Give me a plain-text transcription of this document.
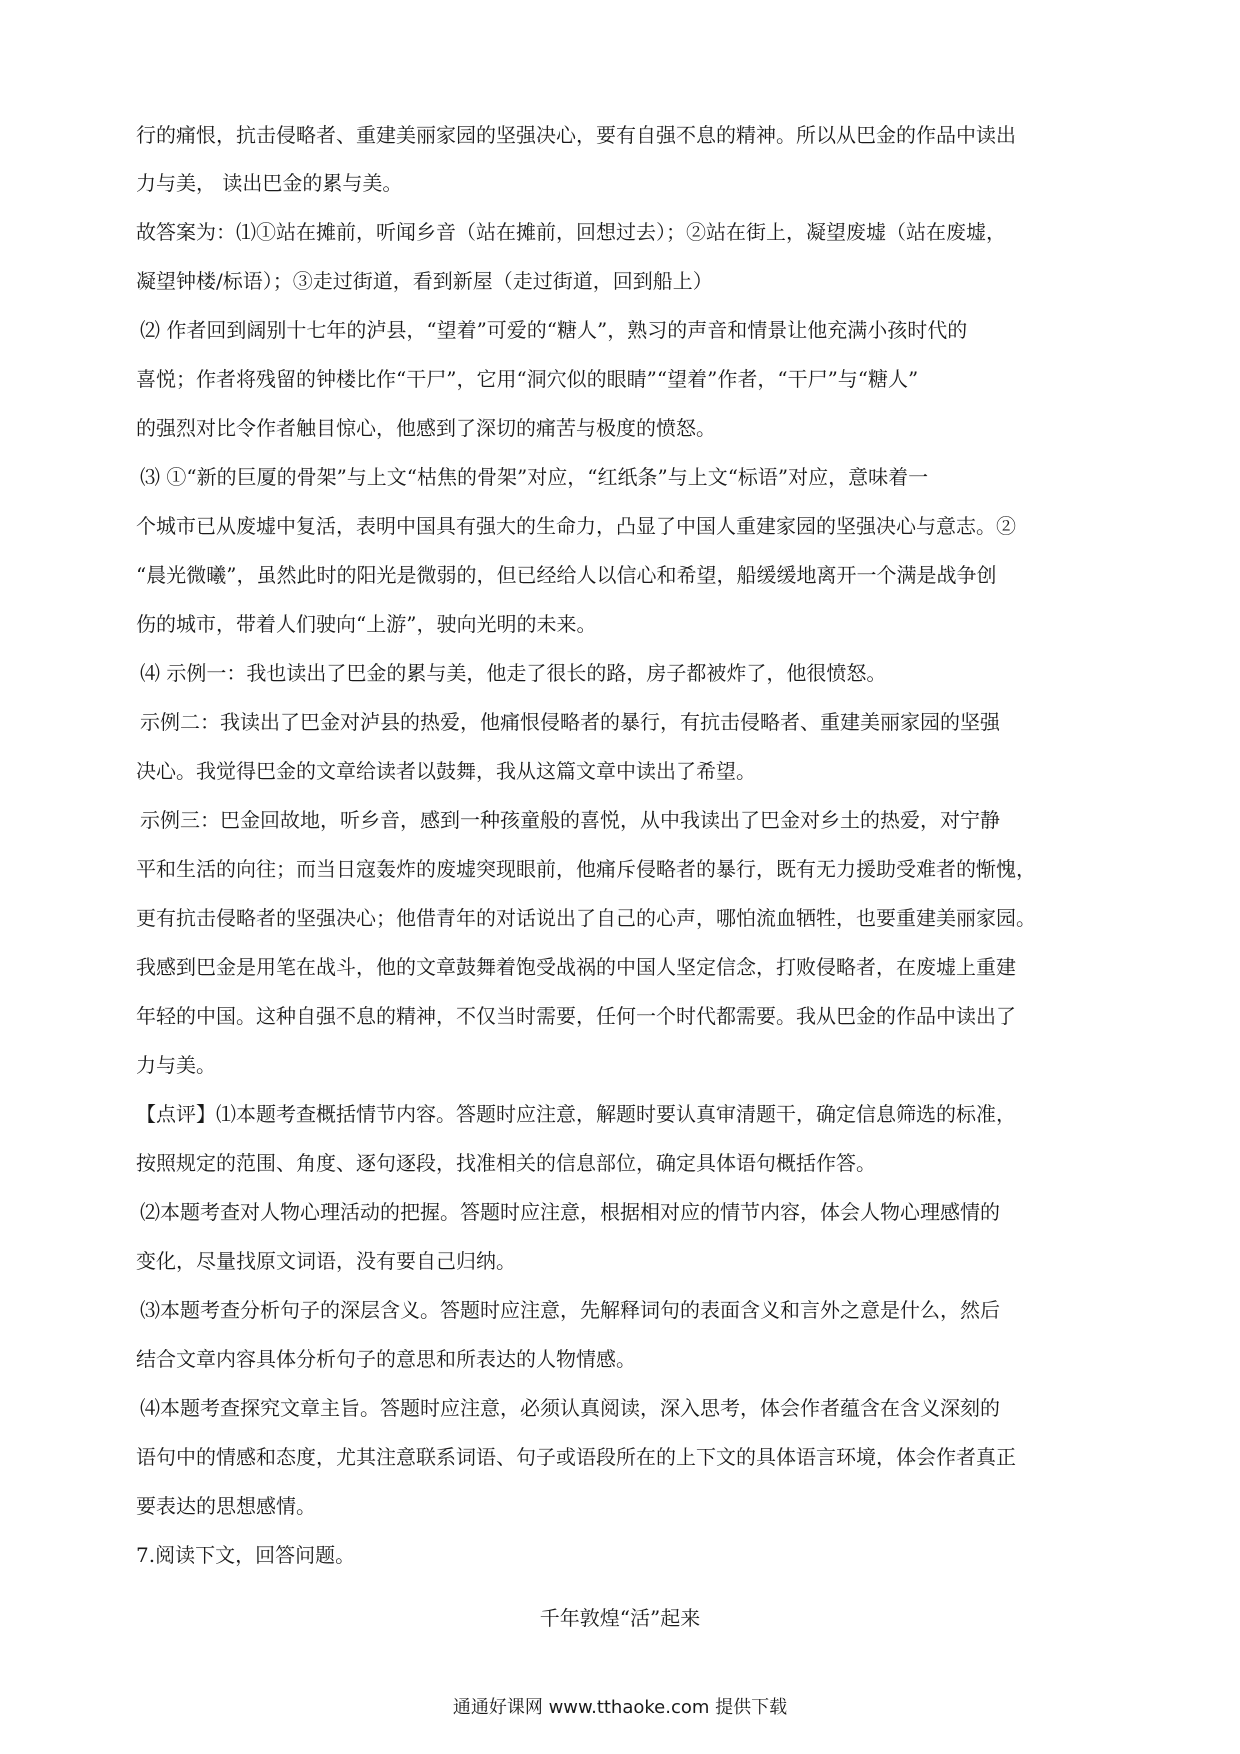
行的痛恨，抗击侵略者、重建美丽家园的坚强决心，要有自强不息的精神。所以从巴金的作品中读出
力与美， 读出巴金的累与美。
故答案为：⑴①站在摊前，听闻乡音（站在摊前，回想过去）；②站在街上，凝望废墟（站在废墟，
凝望钟楼/标语）；③走过街道，看到新屋（走过街道，回到船上）
⑵ 作者回到阔别十七年的泸县，“望着”可爱的“糖人”，熟习的声音和情景让他充满小孩时代的
喜悦；作者将残留的钟楼比作“干尸”，它用“洞穴似的眼睛”“望着”作者，“干尸”与“糖人”
的强烈对比令作者触目惊心，他感到了深切的痛苦与极度的愤怒。
⑶ ①“新的巨厦的骨架”与上文“枯焦的骨架”对应，“红纸条”与上文“标语”对应，意味着一
个城市已从废墟中复活，表明中国具有强大的生命力，凸显了中国人重建家园的坚强决心与意志。②
“晨光微曦”，虽然此时的阳光是微弱的，但已经给人以信心和希望，船缓缓地离开一个满是战争创
伤的城市，带着人们驶向“上游”，驶向光明的未来。
⑷ 示例一：我也读出了巴金的累与美，他走了很长的路，房子都被炸了，他很愤怒。
示例二：我读出了巴金对泸县的热爱，他痛恨侵略者的暴行，有抗击侵略者、重建美丽家园的坚强
决心。我觉得巴金的文章给读者以鼓舞，我从这篇文章中读出了希望。
示例三：巴金回故地，听乡音，感到一种孩童般的喜悦，从中我读出了巴金对乡土的热爱，对宁静
平和生活的向往；而当日寇轰炸的废墟突现眼前，他痛斥侵略者的暴行，既有无力援助受难者的惭愧，
更有抗击侵略者的坚强决心；他借青年的对话说出了自己的心声，哪怕流血牺牲，也要重建美丽家园。
我感到巴金是用笔在战斗，他的文章鼓舞着饱受战祸的中国人坚定信念，打败侵略者，在废墟上重建
年轻的中国。这种自强不息的精神，不仅当时需要，任何一个时代都需要。我从巴金的作品中读出了
力与美。
【点评】⑴本题考查概括情节内容。答题时应注意，解题时要认真审清题干，确定信息筛选的标准，
按照规定的范围、角度、逐句逐段，找准相关的信息部位，确定具体语句概括作答。
⑵本题考查对人物心理活动的把握。答题时应注意，根据相对应的情节内容，体会人物心理感情的
变化，尽量找原文词语，没有要自己归纳。
⑶本题考查分析句子的深层含义。答题时应注意，先解释词句的表面含义和言外之意是什么，然后
结合文章内容具体分析句子的意思和所表达的人物情感。
⑷本题考查探究文章主旨。答题时应注意，必须认真阅读，深入思考，体会作者蕴含在含义深刻的
语句中的情感和态度，尤其注意联系词语、句子或语段所在的上下文的具体语言环境，体会作者真正
要表达的思想感情。
7.阅读下文，回答问题。
千年敦煌“活”起来
通通好课网 www.tthaoke.com 提供下载
